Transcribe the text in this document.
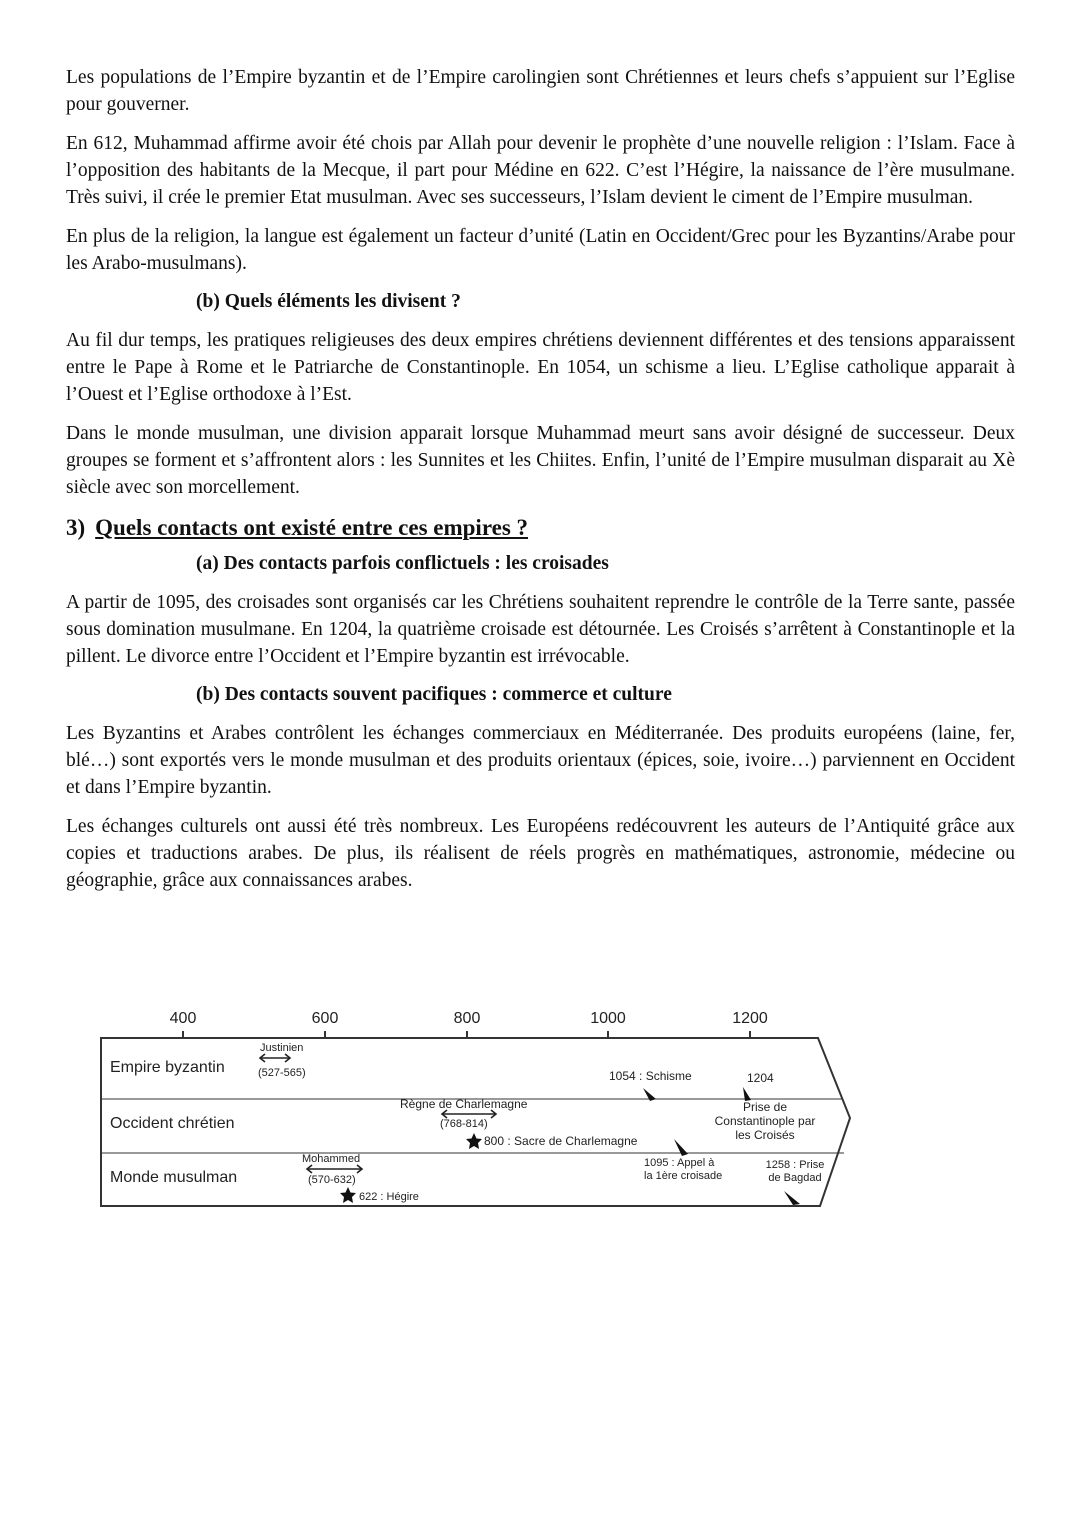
Les populations de l’Empire byzantin et de l’Empire carolingien sont Chrétiennes et leurs chefs s’appuient sur l’Eglise pour gouverner.

En 612, Muhammad affirme avoir été chois par Allah pour devenir le prophète d’une nouvelle religion : l’Islam. Face à l’opposition des habitants de la Mecque, il part pour Médine en 622. C’est l’Hégire, la naissance de l’ère musulmane. Très suivi, il crée le premier Etat musulman. Avec ses successeurs, l’Islam devient le ciment de l’Empire musulman.

En plus de la religion, la langue est également un facteur d’unité (Latin en Occident/Grec pour les Byzantins/Arabe pour les Arabo-musulmans).

(b) Quels éléments les divisent ?

Au fil dur temps, les pratiques religieuses des deux empires chrétiens deviennent différentes et des tensions apparaissent entre le Pape à Rome et le Patriarche de Constantinople. En 1054, un schisme a lieu. L’Eglise catholique apparait à l’Ouest et l’Eglise orthodoxe à l’Est.

Dans le monde musulman, une division apparait lorsque Muhammad meurt sans avoir désigné de successeur. Deux groupes se forment et s’affrontent alors : les Sunnites et les Chiites. Enfin, l’unité de l’Empire musulman disparait au Xè siècle avec son morcellement.

3) Quels contacts ont existé entre ces empires ?
(a) Des contacts parfois conflictuels : les croisades

A partir de 1095, des croisades sont organisés car les Chrétiens souhaitent reprendre le contrôle de la Terre sante, passée sous domination musulmane. En 1204, la quatrième croisade est détournée. Les Croisés s’arrêtent à Constantinople et la pillent. Le divorce entre l’Occident et l’Empire byzantin est irrévocable.

(b) Des contacts souvent pacifiques : commerce et culture

Les Byzantins et Arabes contrôlent les échanges commerciaux en Méditerranée. Des produits européens (laine, fer, blé…) sont exportés vers le monde musulman et des produits orientaux (épices, soie, ivoire…) parviennent en Occident et dans l’Empire byzantin.

Les échanges culturels ont aussi été très nombreux. Les Européens redécouvrent les auteurs de l’Antiquité grâce aux copies et traductions arabes. De plus, ils réalisent de réels progrès en mathématiques, astronomie, médecine ou géographie, grâce aux connaissances arabes.

400	600	800	1000	1200
Empire byzantin
Occident chrétien
Monde musulman
Justinien
(527-565)	1054 : Schisme	1204
Règne de Charlemagne
(768-814)
800 : Sacre de Charlemagne
Prise de
Constantinople par
les Croisés
Mohammed
(570-632)
622 : Hégire
1095 : Appel à
la 1ère croisade
1258 : Prise
de Bagdad
